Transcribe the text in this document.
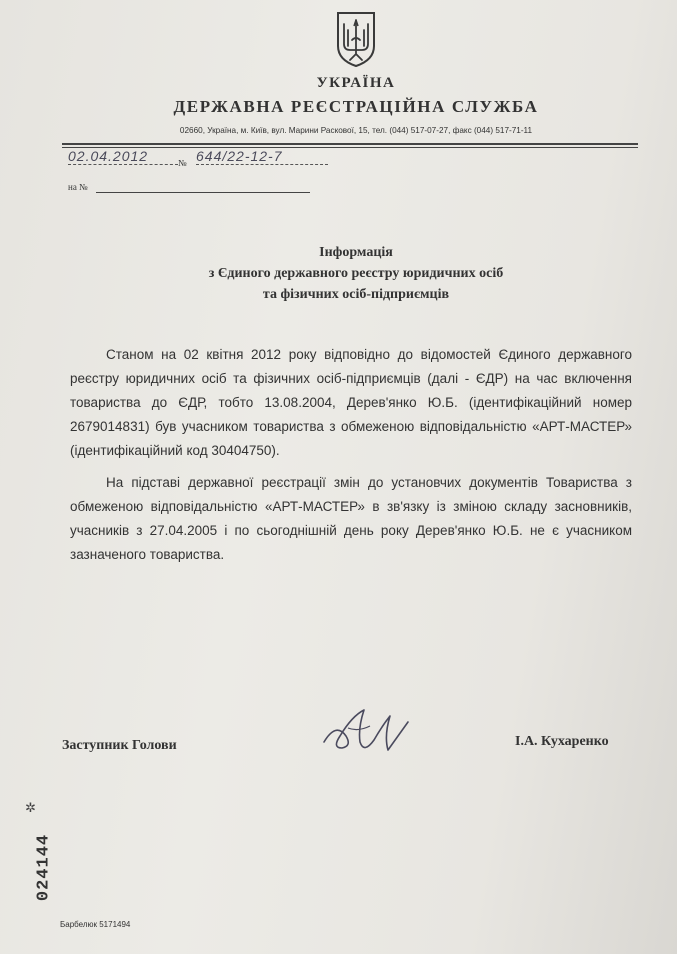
УКРАЇНА
ДЕРЖАВНА РЕЄСТРАЦІЙНА СЛУЖБА
02660, Україна, м. Київ, вул. Марини Раскової, 15, тел. (044) 517-07-27, факс (044) 517-71-11
02.04.2012	№ 644/22-12-7
на №
Інформація
з Єдиного державного реєстру юридичних осіб
та фізичних осіб-підприємців

Станом на 02 квітня 2012 року відповідно до відомостей Єдиного державного реєстру юридичних осіб та фізичних осіб-підприємців (далі - ЄДР) на час включення товариства до ЄДР, тобто 13.08.2004, Дерев'янко Ю.Б. (ідентифікаційний номер 2679014831) був учасником товариства з обмеженою відповідальністю «АРТ-МАСТЕР» (ідентифікаційний код 30404750).

На підставі державної реєстрації змін до установчих документів Товариства з обмеженою відповідальністю «АРТ-МАСТЕР» в зв'язку із зміною складу засновників, учасників з 27.04.2005 і по сьогоднішній день року Дерев'янко Ю.Б. не є учасником зазначеного товариства.

Заступник Голови	І.А. Кухаренко
✲
024144
Барбелюк 5171494
